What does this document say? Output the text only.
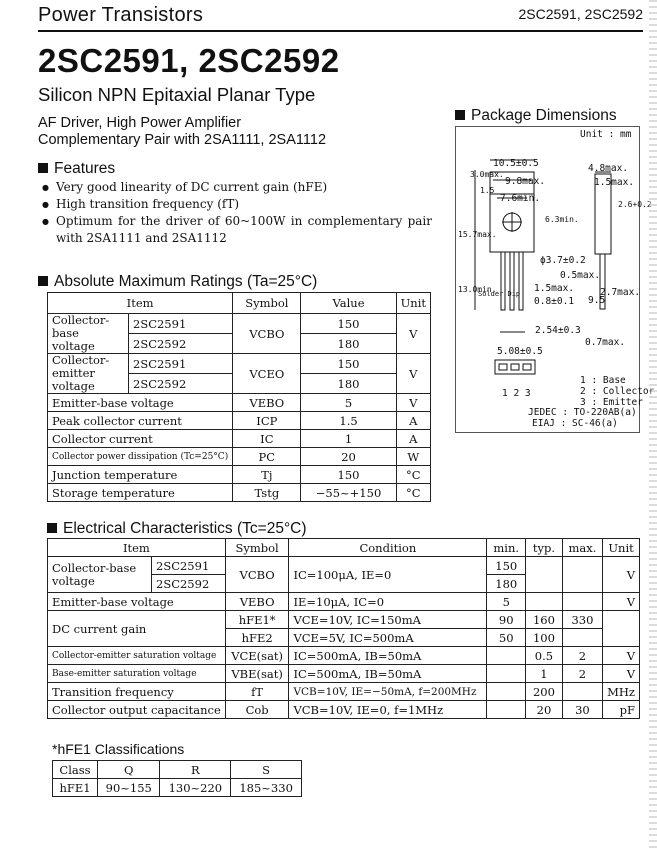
Power Transistors	2SC2591, 2SC2592
2SC2591, 2SC2592
Silicon NPN Epitaxial Planar Type
AF Driver, High Power Amplifier
Complementary Pair with 2SA1111, 2SA1112
Features
● Very good linearity of DC current gain (hFE)
● High transition frequency (fT)
● Optimum for the driver of 60~100W in complementary pair with 2SA1111 and 2SA1112
Absolute Maximum Ratings (Ta=25°C)
Item		Symbol	Value	Unit
Collector-base voltage	2SC2591	VCBO	150	V
	2SC2592		180	
Collector-emitter voltage	2SC2591	VCEO	150	V
	2SC2592		180	
Emitter-base voltage		VEBO	5	V
Peak collector current		ICP	1.5	A
Collector current		IC	1	A
Collector power dissipation (Tc=25°C)		PC	20	W
Junction temperature		Tj	150	°C
Storage temperature		Tstg	−55~+150	°C
Package Dimensions
Unit : mm
10.5±0.5
9.8max.
7.6min.
3.0max.
1.5
4.8max.
1.5max.
2.6+0.2
6.3min.
15.7max.
ϕ3.7±0.2
0.5max.
2.7max.
1.5max.
0.8±0.1
13.0min.
Solder Dip
9.5
2.54±0.3
0.7max.
5.08±0.5
1 2 3
1 : Base
2 : Collector
3 : Emitter
JEDEC : TO-220AB(a)
EIAJ : SC-46(a)
Electrical Characteristics (Tc=25°C)
Item		Symbol	Condition	min.	typ.	max.	Unit
Collector-base voltage	2SC2591	VCBO	IC=100μA, IE=0	150			V
	2SC2592			180			
Emitter-base voltage		VEBO	IE=10μA, IC=0	5			V
DC current gain		hFE1*	VCE=10V, IC=150mA	90	160	330	
		hFE2	VCE=5V, IC=500mA	50	100		
Collector-emitter saturation voltage		VCE(sat)	IC=500mA, IB=50mA		0.5	2	V
Base-emitter saturation voltage		VBE(sat)	IC=500mA, IB=50mA		1	2	V
Transition frequency		fT	VCB=10V, IE=−50mA, f=200MHz		200		MHz
Collector output capacitance		Cob	VCB=10V, IE=0, f=1MHz		20	30	pF
*hFE1 Classifications
Class	Q	R	S
hFE1	90~155	130~220	185~330
